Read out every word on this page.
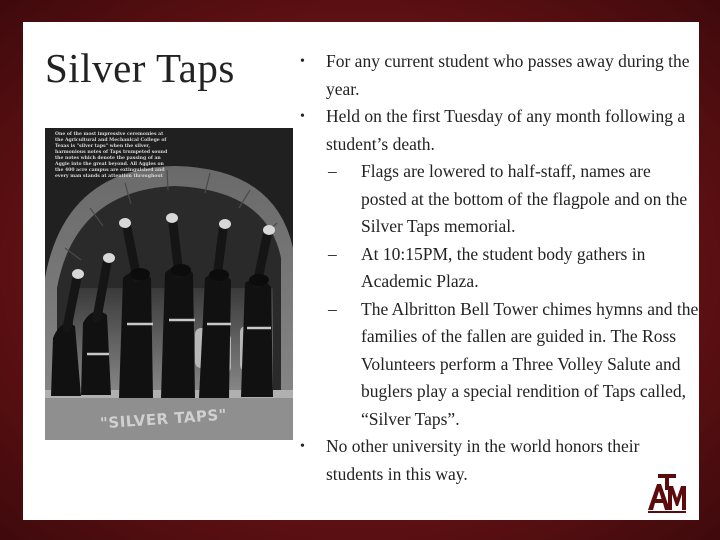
Silver Taps
One of the most impressive ceremonies at the Agricultural and Mechanical College of Texas is "silver taps" when the silver, harmonious notes of Taps trumpeted sound the notes which denote the passing of an Aggie into the great beyond. All Aggies on the 400 acre campus are extinguished and every man stands at attention throughout
"SILVER TAPS"
• For any current student who passes away during the year.
• Held on the first Tuesday of any month following a student’s death.
– Flags are lowered to half-staff, names are posted at the bottom of the flagpole and on the Silver Taps memorial.
– At 10:15PM, the student body gathers in Academic Plaza.
– The Albritton Bell Tower chimes hymns and the families of the fallen are guided in. The Ross Volunteers perform a Three Volley Salute and buglers play a special rendition of Taps called, “Silver Taps”.
• No other university in the world honors their students in this way.
